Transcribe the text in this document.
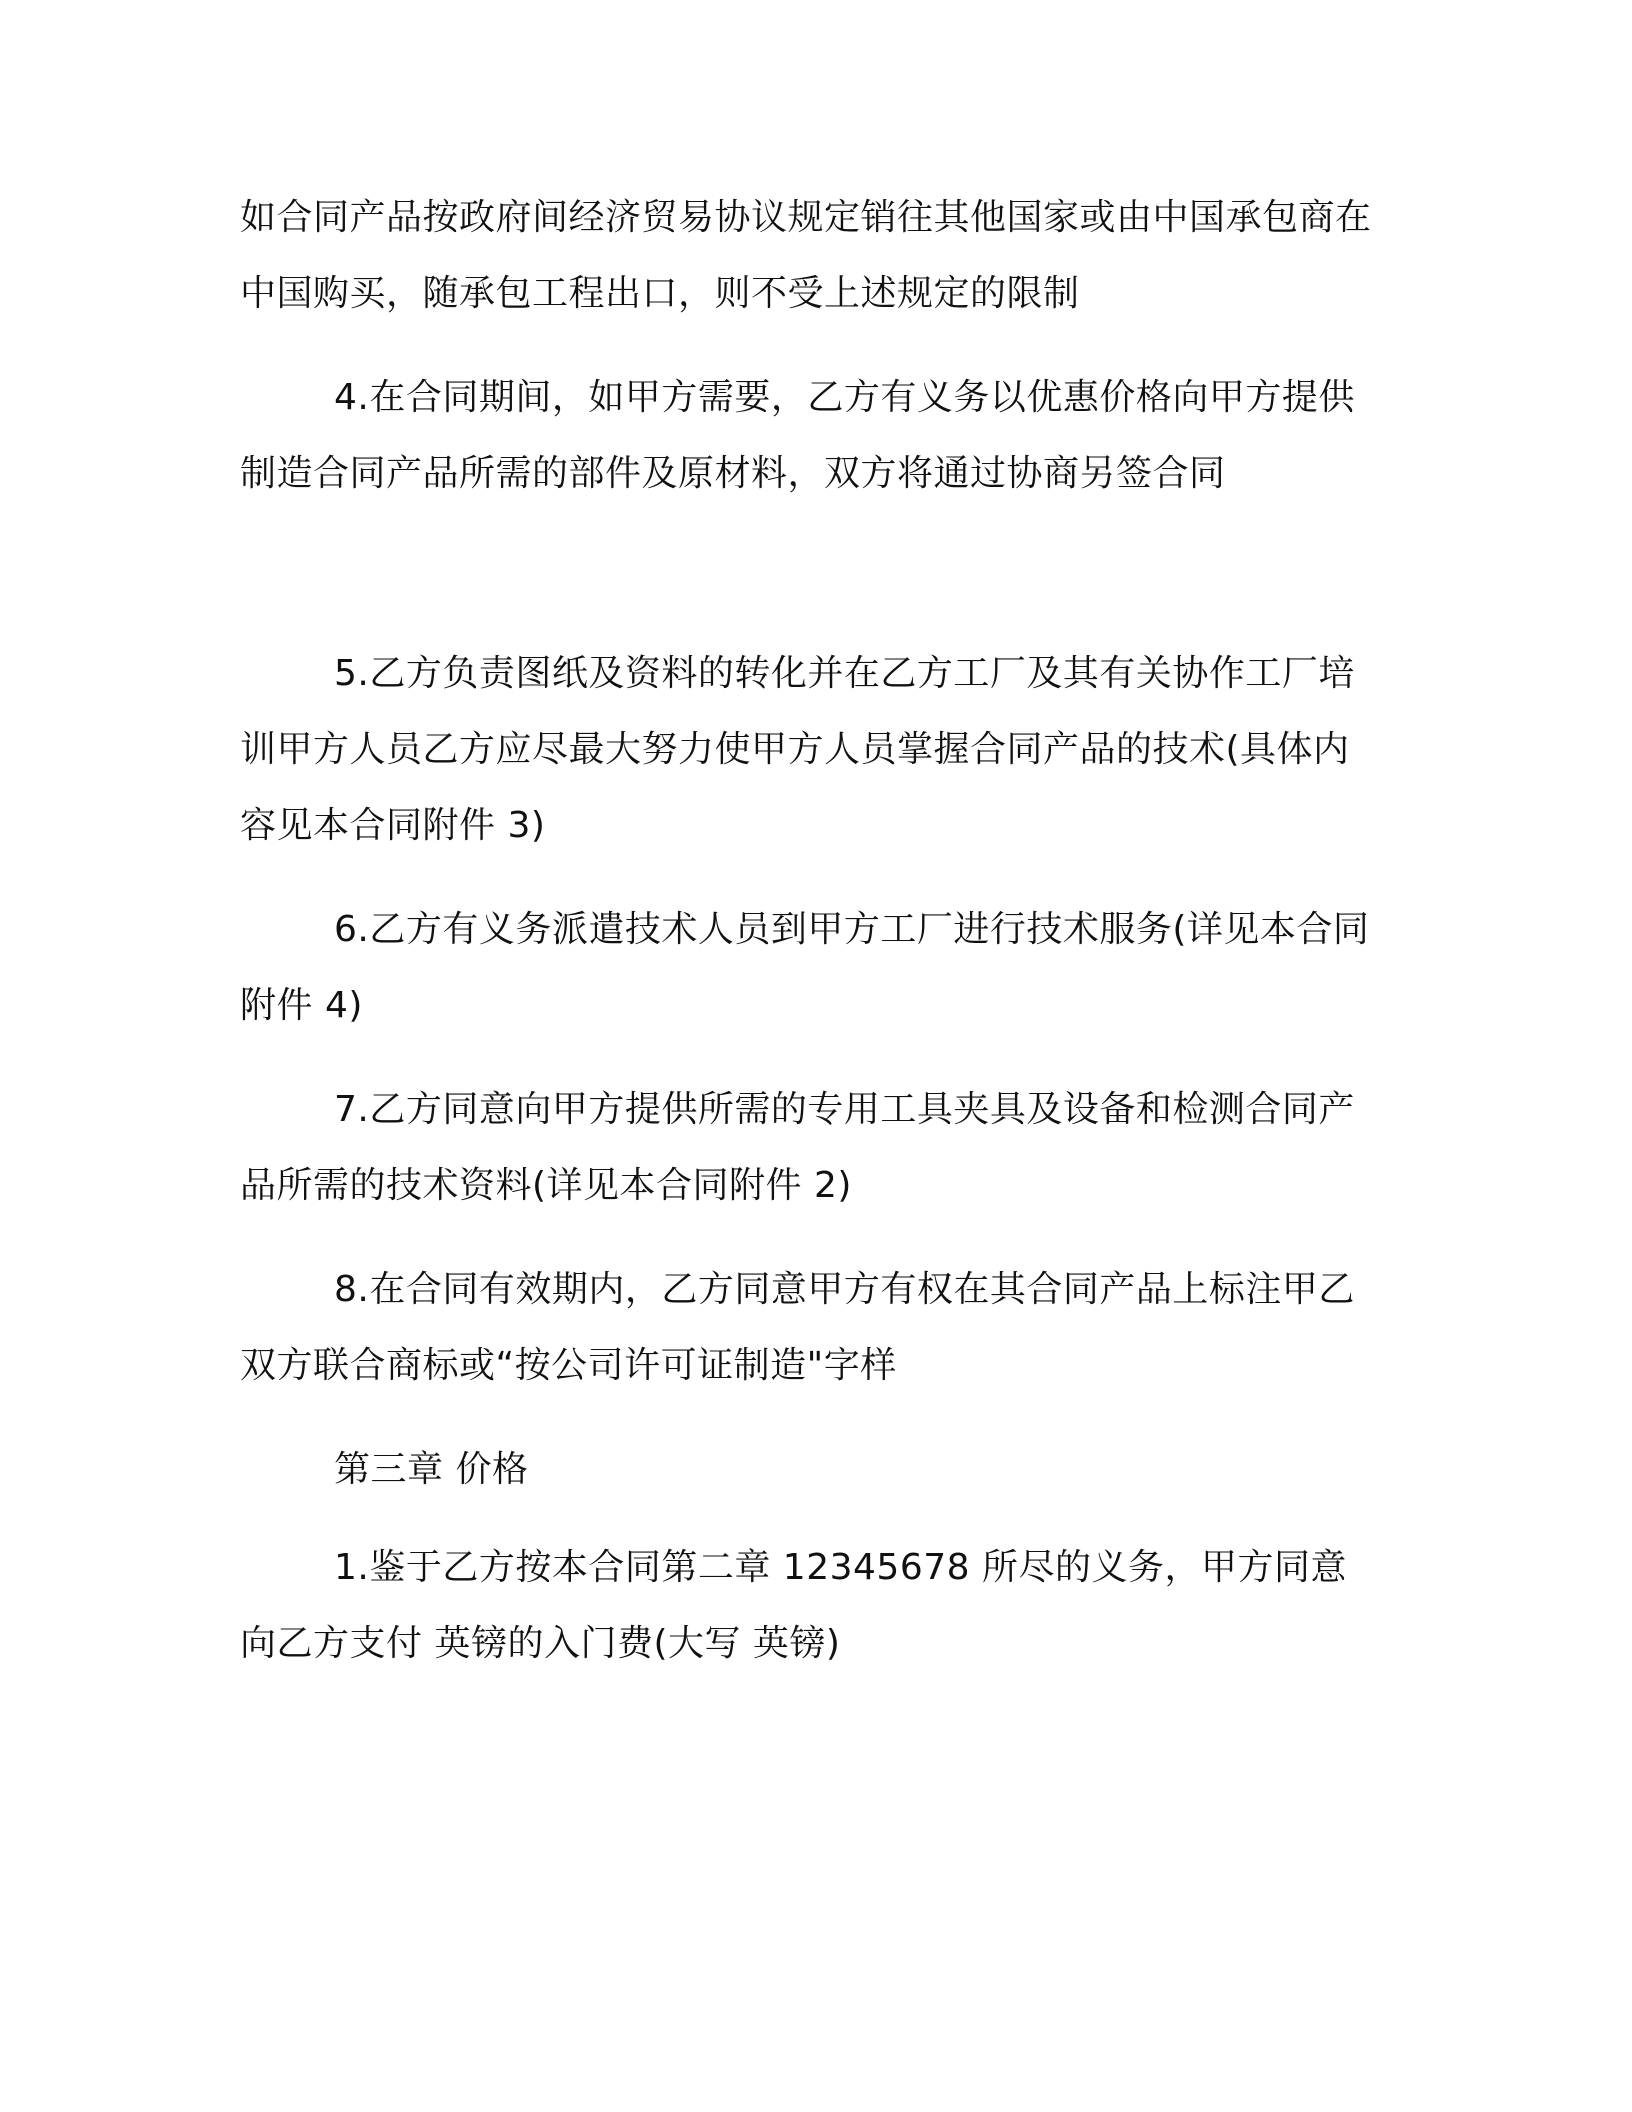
如合同产品按政府间经济贸易协议规定销往其他国家或由中国承包商在中国购买，随承包工程出口，则不受上述规定的限制

4.在合同期间，如甲方需要，乙方有义务以优惠价格向甲方提供制造合同产品所需的部件及原材料，双方将通过协商另签合同

5.乙方负责图纸及资料的转化并在乙方工厂及其有关协作工厂培训甲方人员乙方应尽最大努力使甲方人员掌握合同产品的技术(具体内容见本合同附件 3)

6.乙方有义务派遣技术人员到甲方工厂进行技术服务(详见本合同附件 4)

7.乙方同意向甲方提供所需的专用工具夹具及设备和检测合同产品所需的技术资料(详见本合同附件 2)

8.在合同有效期内，乙方同意甲方有权在其合同产品上标注甲乙双方联合商标或“按公司许可证制造"字样

第三章 价格

1.鉴于乙方按本合同第二章 12345678 所尽的义务，甲方同意向乙方支付 英镑的入门费(大写 英镑)
